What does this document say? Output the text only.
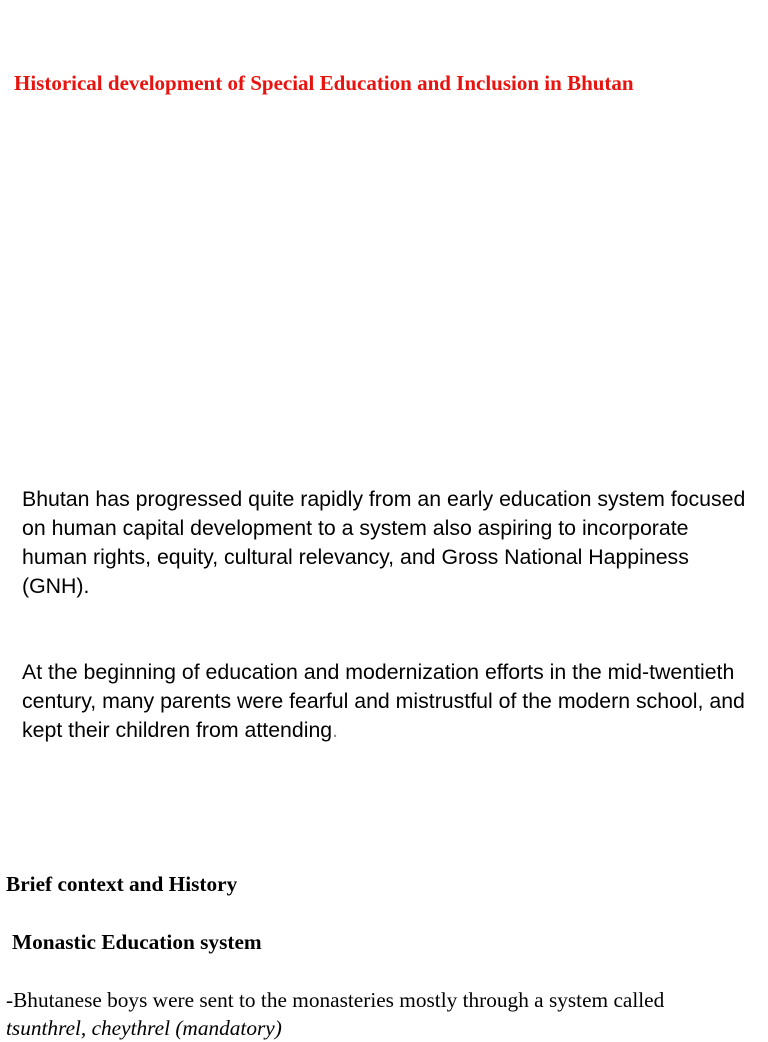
Historical development of Special Education and Inclusion in Bhutan
Bhutan has progressed quite rapidly from an early education system focused on human capital development to a system also aspiring to incorporate human rights, equity, cultural relevancy, and Gross National Happiness (GNH).
At the beginning of education and modernization efforts in the mid-twentieth century, many parents were fearful and mistrustful of the modern school, and kept their children from attending.
Brief context and History
Monastic Education system
-Bhutanese boys were sent to the monasteries mostly through a system called
tsunthrel, cheythrel (mandatory)
